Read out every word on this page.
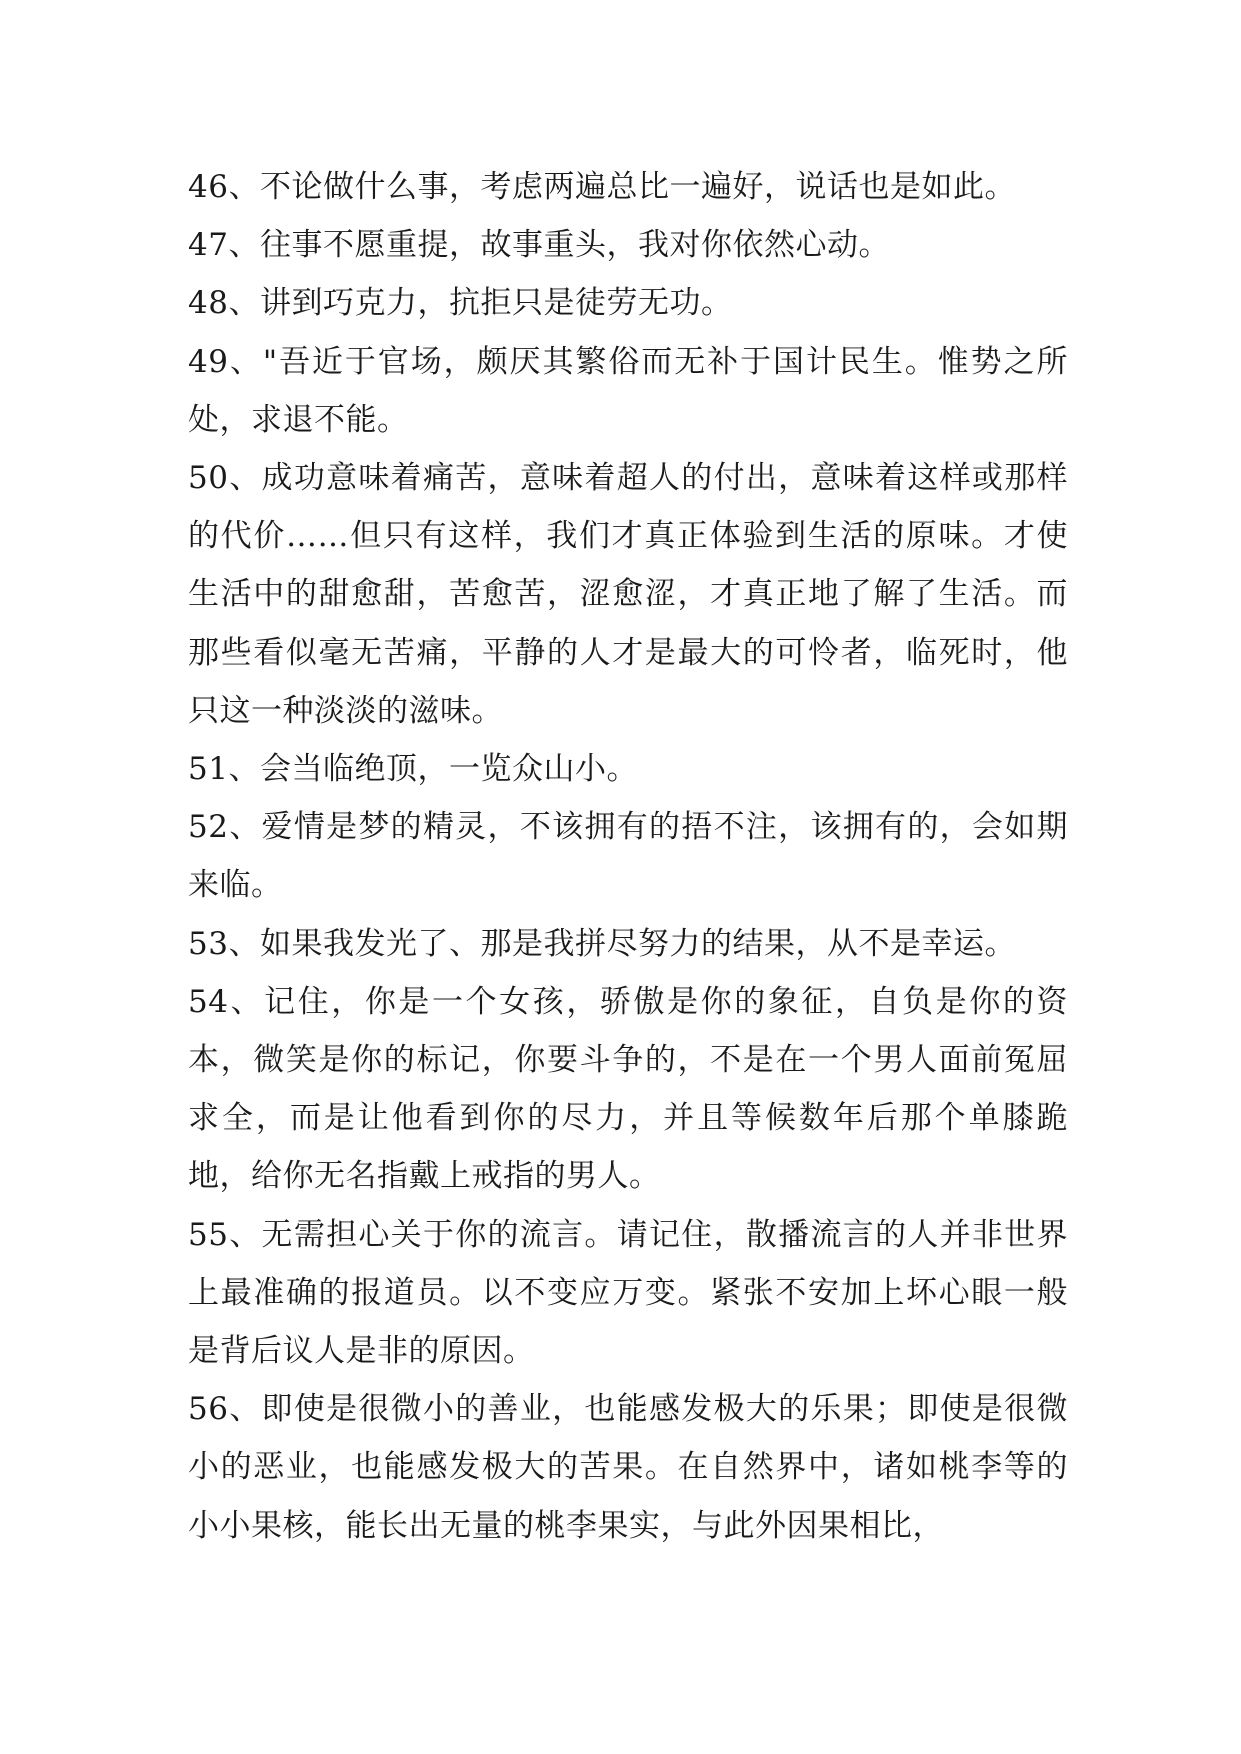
46、不论做什么事，考虑两遍总比一遍好，说话也是如此。

47、往事不愿重提，故事重头，我对你依然心动。

48、讲到巧克力，抗拒只是徒劳无功。

49、"吾近于官场，颇厌其繁俗而无补于国计民生。惟势之所处，求退不能。

50、成功意味着痛苦，意味着超人的付出，意味着这样或那样的代价……但只有这样，我们才真正体验到生活的原味。才使生活中的甜愈甜，苦愈苦，涩愈涩，才真正地了解了生活。而那些看似毫无苦痛，平静的人才是最大的可怜者，临死时，他只这一种淡淡的滋味。

51、会当临绝顶，一览众山小。

52、爱情是梦的精灵，不该拥有的捂不注，该拥有的，会如期来临。

53、如果我发光了、那是我拼尽努力的结果，从不是幸运。

54、记住，你是一个女孩，骄傲是你的象征，自负是你的资本，微笑是你的标记，你要斗争的，不是在一个男人面前冤屈求全，而是让他看到你的尽力，并且等候数年后那个单膝跪地，给你无名指戴上戒指的男人。

55、无需担心关于你的流言。请记住，散播流言的人并非世界上最准确的报道员。以不变应万变。紧张不安加上坏心眼一般是背后议人是非的原因。

56、即使是很微小的善业，也能感发极大的乐果；即使是很微小的恶业，也能感发极大的苦果。在自然界中，诸如桃李等的小小果核，能长出无量的桃李果实，与此外因果相比，
